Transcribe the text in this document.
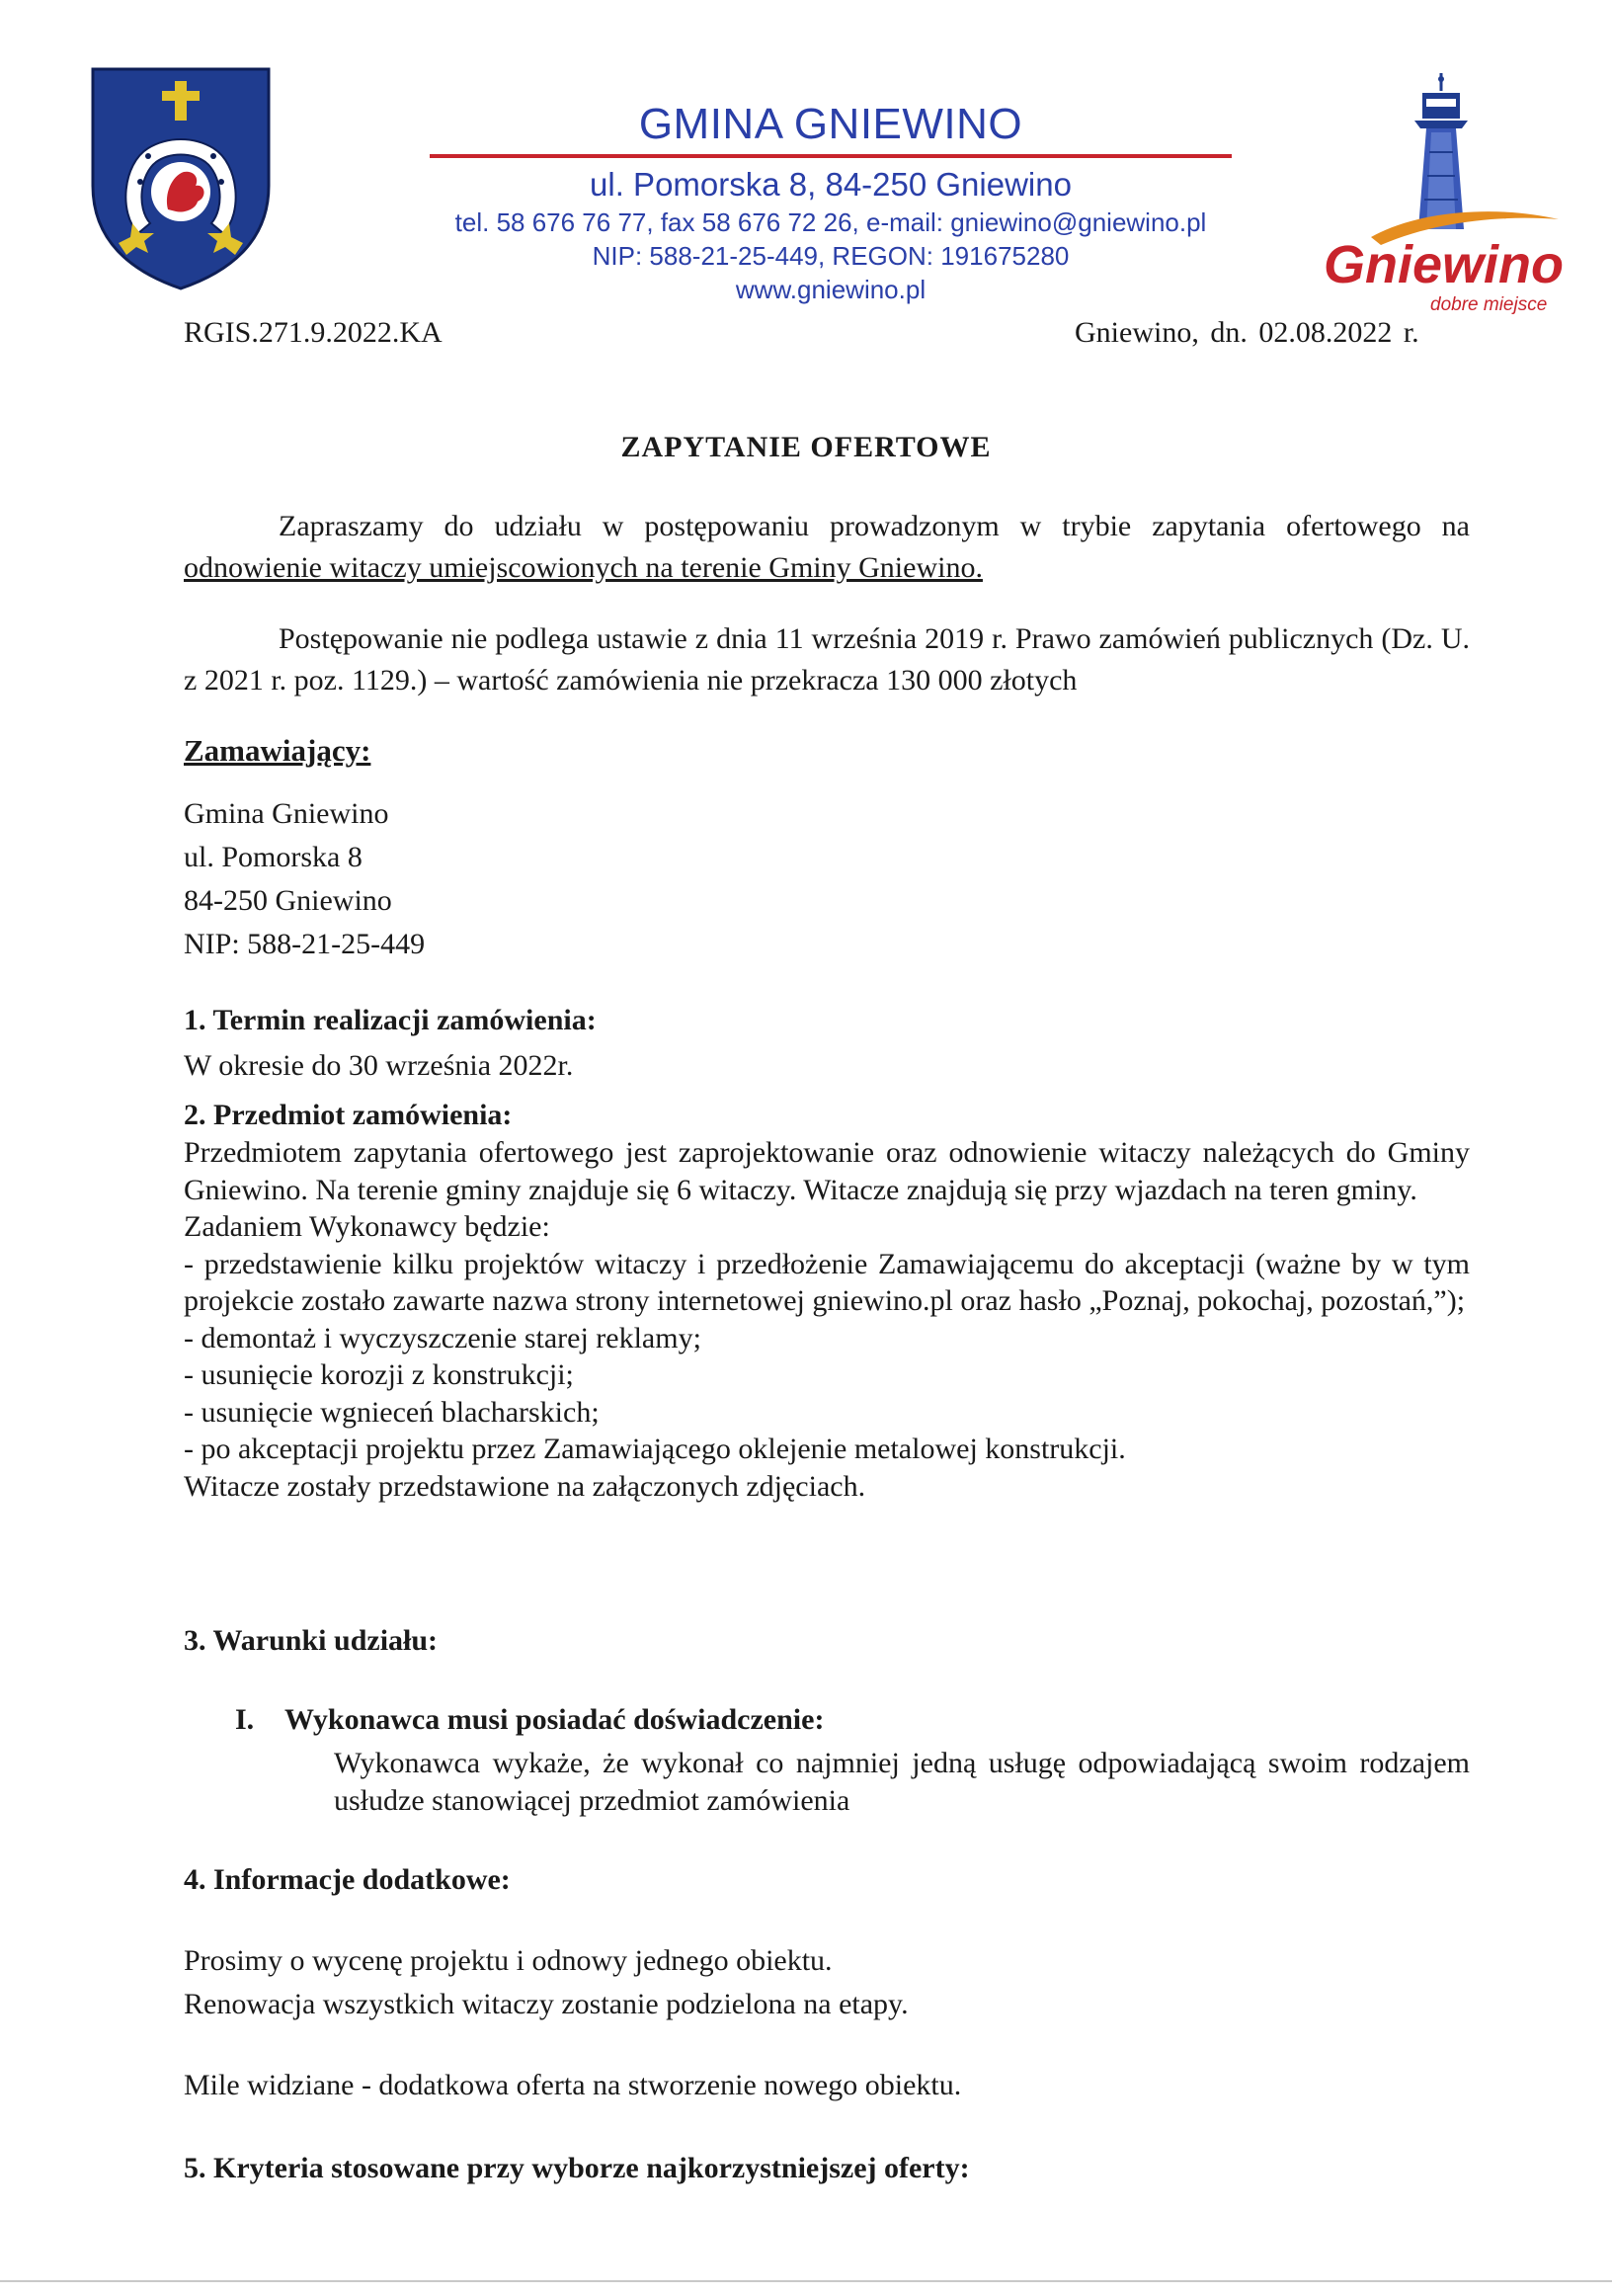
GMINA GNIEWINO
ul. Pomorska 8, 84-250 Gniewino
tel. 58 676 76 77, fax 58 676 72 26, e-mail: gniewino@gniewino.pl
NIP: 588-21-25-449, REGON: 191675280
www.gniewino.pl	Gniewino
dobre miejsce
RGIS.271.9.2022.KA	Gniewino, dn. 02.08.2022 r.
ZAPYTANIE OFERTOWE
Zapraszamy do udziału w postępowaniu prowadzonym w trybie zapytania ofertowego na odnowienie witaczy umiejscowionych na terenie Gminy Gniewino.
Postępowanie nie podlega ustawie z dnia 11 września 2019 r. Prawo zamówień publicznych (Dz. U. z 2021 r. poz. 1129.) – wartość zamówienia nie przekracza 130 000 złotych
Zamawiający:
Gmina Gniewino
ul. Pomorska 8
84-250 Gniewino
NIP: 588-21-25-449
1. Termin realizacji zamówienia:
W okresie do 30 września 2022r.
2. Przedmiot zamówienia:
Przedmiotem zapytania ofertowego jest zaprojektowanie oraz odnowienie witaczy należących do Gminy Gniewino. Na terenie gminy znajduje się 6 witaczy. Witacze znajdują się przy wjazdach na teren gminy.
Zadaniem Wykonawcy będzie:
- przedstawienie kilku projektów witaczy i przedłożenie Zamawiającemu do akceptacji (ważne by w tym projekcie zostało zawarte nazwa strony internetowej gniewino.pl oraz hasło „Poznaj, pokochaj, pozostań,”);
- demontaż i wyczyszczenie starej reklamy;
- usunięcie korozji z konstrukcji;
- usunięcie wgnieceń blacharskich;
- po akceptacji projektu przez Zamawiającego oklejenie metalowej konstrukcji.
Witacze zostały przedstawione na załączonych zdjęciach.
3. Warunki udziału:
I. Wykonawca musi posiadać doświadczenie:
Wykonawca wykaże, że wykonał co najmniej jedną usługę odpowiadającą swoim rodzajem usłudze stanowiącej przedmiot zamówienia
4. Informacje dodatkowe:
Prosimy o wycenę projektu i odnowy jednego obiektu.
Renowacja wszystkich witaczy zostanie podzielona na etapy.
Mile widziane - dodatkowa oferta na stworzenie nowego obiektu.
5. Kryteria stosowane przy wyborze najkorzystniejszej oferty:
